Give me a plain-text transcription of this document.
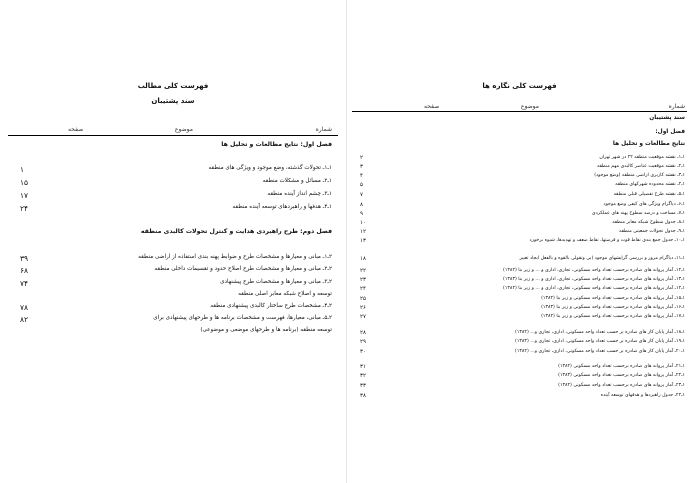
فهرست کلی مطالب
سند پشتیبان
شماره
موضوع
صفحه
فصل اول: نتایج مطالعات و تحلیل ها
۱ـ۱ـ تحولات گذشته، وضع موجود و ویژگی های منطقه
۱
۱ـ۲ـ مسائل و مشکلات منطقه
۱۵
۱ـ۳ـ چشم انداز آینده منطقه
۱۷
۱ـ۴ـ هدفها و راهبردهای توسعه آینده منطقه
۲۴
فصل دوم: طرح راهبردی هدایت و کنترل تحولات کالبدی منطقه
۲ـ۱ـ مبانی و معیارها و مشخصات طرح و ضوابط پهنه بندی استفاده از اراضی منطقه
۳۹
۲ـ۲ـ مبانی و معیارها و مشخصات طرح اصلاح حدود و تقسیمات داخلی منطقه
۶۸
۲ـ۳ـ مبانی و معیارها و مشخصات طرح پیشنهادی
۷۴
توسعه و اصلاح شبکه معابر اصلی منطقه
۲ـ۴ـ مشخصات طرح ساختار کالبدی پیشنهادی منطقه
۷۸
۲ـ۵ـ مبانی، معیارها، فهرست و مشخصات برنامه ها و طرحهای پیشنهادی برای
۸۲
توسعه منطقه (برنامه ها و طرحهای موضعی و موضوعی)
فهرست کلی نگاره ها
شماره
موضوع
صفحه
سند پشتیبان
فصل اول:
نتایج مطالعات و تحلیل ها
۱ـ۱ـ نقشه موقعیت منطقه ۲۲ در شهر تهران
۲
۱ـ۲ـ نقشه موقعیت عناصر کالبدی مهم منطقه
۳
۱ـ۳ـ نقشه کاربری اراضی منطقه (وضع موجود)
۴
۱ـ۴ـ نقشه محدوده شهرکهای منطقه
۵
۱ـ۵ـ نقشه طرح تفصیلی قبلی منطقه
۷
۱ـ۶ـ دیاگرام ویژگی های کیفی وضع موجود
۸
۱ـ۷ـ مساحت و درصد سطوح پهنه های عملکردی
۹
۱ـ۸ـ جدول سطوح شبکه معابر منطقه
۱۰
۱ـ۹ـ جدول تحولات جمعیتی منطقه
۱۲
۱ـ۱۰ـ جدول جمع بندی نقاط قوت و فرصتها، نقاط ضعف و تهدیدها، شیوه برخورد
۱۳
۱ـ۱۱ـ دیاگرام مرور و بررسی گرایشهای موجود (بی ونقولی بالقوه و بالفعل ایجاد تغییر
۱۸
۱ـ۱۲ـ آمار پروانه های صادره برحسب تعداد واحد مسکونی، تجاری، اداری و ... و زیر بنا (۱۳۸۲)
۲۲
۱ـ۱۳ـ آمار پروانه های صادره برحسب تعداد واحد مسکونی، تجاری، اداری و ... و زیر بنا (۱۳۸۳)
۲۳
۱ـ۱۴ـ آمار پروانه های صادره برحسب تعداد واحد مسکونی، تجاری، اداری و ... و زیر بنا (۱۳۸۴)
۲۴
۱ـ۱۵ـ آمار پروانه های صادره برحسب تعداد واحد مسکونی و زیر بنا (۱۳۸۲)
۲۵
۱ـ۱۶ـ آمار پروانه های صادره برحسب تعداد واحد مسکونی و زیر بنا (۱۳۸۳)
۲۶
۱ـ۱۷ـ آمار پروانه های صادره برحسب تعداد واحد مسکونی و زیر بنا (۱۳۸۴)
۲۷
۱ـ۱۸ـ آمار پایان کار های صادره بر حسب تعداد واحد مسکونی، اداری، تجاری و... (۱۳۸۲)
۲۸
۱ـ۱۹ـ آمار پایان کار های صادره بر حسب تعداد واحد مسکونی، اداری، تجاری و... (۱۳۸۳)
۲۹
۱ـ۲۰ـ آمار پایان کار های صادره بر حسب تعداد واحد مسکونی، اداری، تجاری و... (۱۳۸۴)
۳۰
۱ـ۲۱ـ آمار پروانه های صادره برحسب تعداد واحد مسکونی (۱۳۸۲)
۳۱
۱ـ۲۲ـ آمار پروانه های صادره برحسب تعداد واحد مسکونی (۱۳۸۳)
۳۲
۱ـ۲۳ـ آمار پروانه های صادره برحسب تعداد واحد مسکونی (۱۳۸۴)
۳۳
۱ـ۲۴ـ جدول راهبردها و هدفهای توسعه آینده
۳۸
